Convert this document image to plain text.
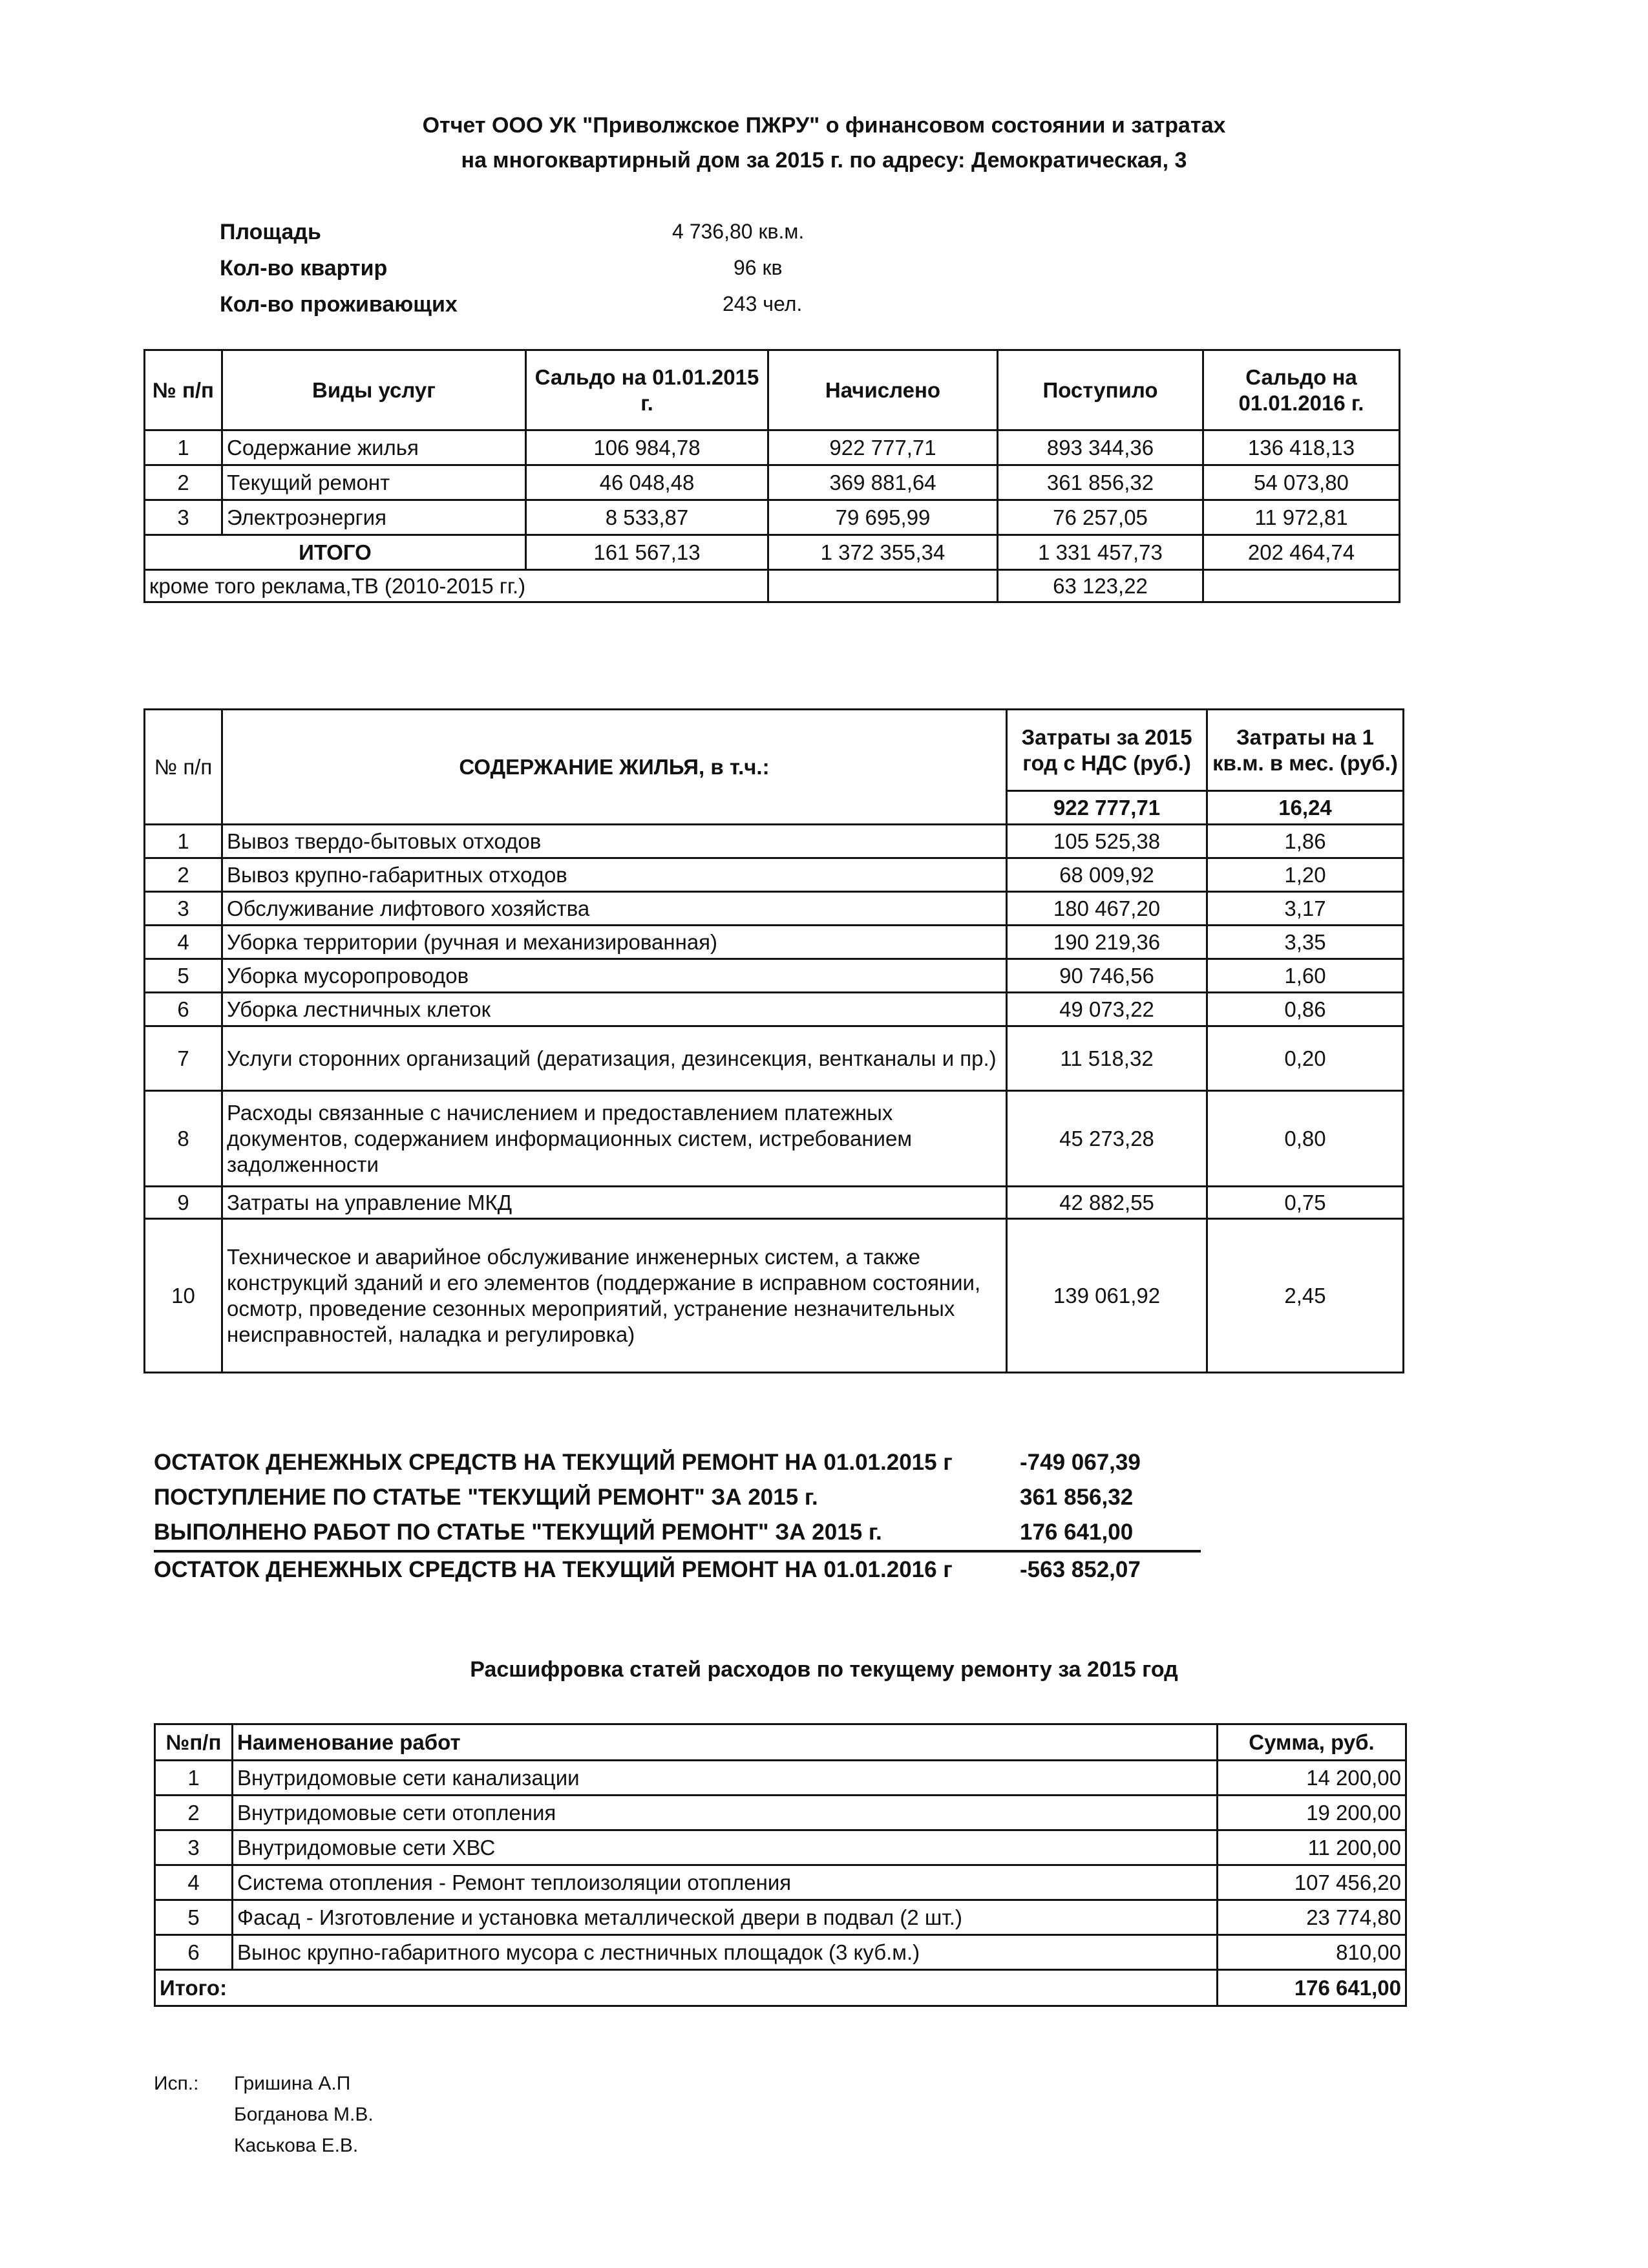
Отчет ООО УК "Приволжское ПЖРУ" о финансовом состоянии и затратах
на многоквартирный дом за 2015 г. по адресу: Демократическая, 3
Площадь	4 736,80 кв.м.
Кол-во квартир	96 кв
Кол-во проживающих	243 чел.
№ п/п	Виды услуг	Сальдо на 01.01.2015 г.	Начислено	Поступило	Сальдо на 01.01.2016 г.
1	Содержание жилья	106 984,78	922 777,71	893 344,36	136 418,13
2	Текущий ремонт	46 048,48	369 881,64	361 856,32	54 073,80
3	Электроэнергия	8 533,87	79 695,99	76 257,05	11 972,81
ИТОГО		161 567,13	1 372 355,34	1 331 457,73	202 464,74
кроме того реклама,ТВ (2010-2015 гг.)				63 123,22	
№ п/п	СОДЕРЖАНИЕ ЖИЛЬЯ, в т.ч.:	Затраты за 2015 год с НДС (руб.)	Затраты на 1 кв.м. в мес. (руб.)
		922 777,71	16,24
1	Вывоз твердо-бытовых отходов	105 525,38	1,86
2	Вывоз крупно-габаритных отходов	68 009,92	1,20
3	Обслуживание лифтового хозяйства	180 467,20	3,17
4	Уборка территории (ручная и механизированная)	190 219,36	3,35
5	Уборка мусоропроводов	90 746,56	1,60
6	Уборка лестничных клеток	49 073,22	0,86
7	Услуги сторонних организаций (дератизация, дезинсекция, вентканалы и пр.)	11 518,32	0,20
8	Расходы связанные с начислением и предоставлением платежных документов, содержанием информационных систем, истребованием задолженности	45 273,28	0,80
9	Затраты на управление МКД	42 882,55	0,75
10	Техническое и аварийное обслуживание инженерных систем, а также конструкций зданий и его элементов (поддержание в исправном состоянии, осмотр, проведение сезонных мероприятий, устранение незначительных неисправностей, наладка и регулировка)	139 061,92	2,45
ОСТАТОК ДЕНЕЖНЫХ СРЕДСТВ НА ТЕКУЩИЙ РЕМОНТ НА 01.01.2015 г	-749 067,39
ПОСТУПЛЕНИЕ ПО СТАТЬЕ "ТЕКУЩИЙ РЕМОНТ" ЗА 2015 г.	361 856,32
ВЫПОЛНЕНО РАБОТ ПО СТАТЬЕ "ТЕКУЩИЙ РЕМОНТ" ЗА 2015 г.	176 641,00
ОСТАТОК ДЕНЕЖНЫХ СРЕДСТВ НА ТЕКУЩИЙ РЕМОНТ НА 01.01.2016 г	-563 852,07
Расшифровка статей расходов по текущему ремонту за 2015 год
№п/п	Наименование работ	Сумма, руб.
1	Внутридомовые сети канализации	14 200,00
2	Внутридомовые сети отопления	19 200,00
3	Внутридомовые сети ХВС	11 200,00
4	Система отопления - Ремонт теплоизоляции отопления	107 456,20
5	Фасад - Изготовление и установка металлической двери в подвал (2 шт.)	23 774,80
6	Вынос крупно-габаритного мусора с лестничных площадок (3 куб.м.)	810,00
Итого:		176 641,00
Исп.: Гришина А.П
Богданова М.В.
Каськова Е.В.
